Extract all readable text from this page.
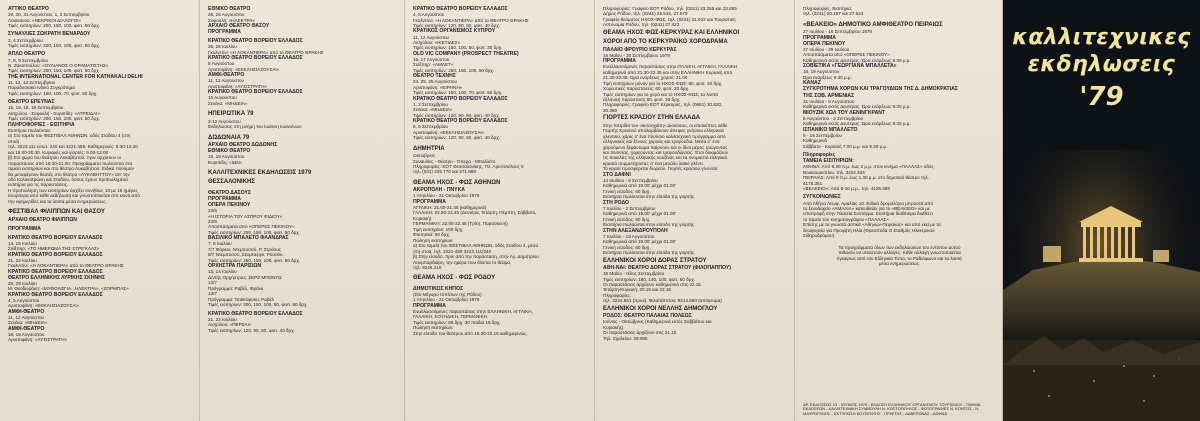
ΑΤΤΙΚΟ ΘΕΑΤΡΟ
29, 30, 31 Αυγούστου, 1, 2 Σεπτεμβρίου
Λουκιανού: «ΝΕΚΡΙΚΟΙ ΔΙΑΛΟΓΟΙ»
Τιμές εισιτηρίων: 200, 150, 100, φοιτ. 50 δρχ.
ΣΥΝΑΥΛΙΕΣ ΣΩΚΡΑΤΗ ΒΕΝΑΡΔΟΥ
3, 4 Σεπτεμβρίου
Τιμές εισιτηρίων: 200, 150, 100, φοιτ. 50 δρχ.
ΑΠΛΟ ΘΕΑΤΡΟ
7, 8, 9 Σεπτεμβρίου
Ν. Ζακοπούλου: «ΟΥΛΙΑΝΟΣ Ο ΟΡΑΜΑΤΙΣΤΗΣ»
Τιμές εισιτηρίων: 200, 150, 100, φοιτ. 50 δρχ.
THE INTERNATIONAL CENTER FOR KATHAKALI DELHI
11, 12, 13 Σεπτεμβρίου
Παραδοσιακό Ινδικό Συγκρότημα
Τιμές εισιτηρίων: 150, 100, 70, φοιτ. 50 δρχ.
ΘΕΑΤΡΟ ΕΡΕΥΝΑΣ
15, 16, 18, 19 Σεπτεμβρίου
Αισχύλου - Σοφοκλή - Ευριπίδη: «ΑΤΡΕΙΔΑΙ»
Τιμές εισιτηρίων: 200, 150, 100, φοιτ. 50 δρχ.
ΠΛΗΡΟΦΟΡΙΕΣ - ΕΙΣΙΤΗΡΙΑ
Εισιτήρια πωλούνται:
α) Στο ταμείο του ΦΕΣΤΙΒΑΛ ΑΘΗΝΩΝ, οδός Σταδίου 4 (στη
στοά)
τηλ. 3223.111 εσωτ. 240 και 3221.459. Καθημερινές: 8.30-13.30
και 18.00-20.30. Κυριακές και γιορτές: 9.00-12.00
β) Στο χώρο του θεάτρου Λυκαβηττού, πριν αρχίσουν οι
παραστάσεις από 18.30-21.00. Προγράμματα πωλούνται στα
ταμεία εισιτηρίων και στο θέατρο Λυκαβηττού. Ειδικά πούλμαν
θα μεταφέρουν θεατές στο θέατρο «ΛΥΚΑΒΗΤΤΟΥ» απ' την
οδό Κολοκοτρώνη και Σταδίου, όσους έχουν προπωλημένα
εισιτήρια για τις παραστάσεις.
Η προπώληση των εισιτηρίων άρχίζει συνήθως 10 με 15 ημέρες
ένωρίτερα από κάθε εκδήλωση και γνωστοποιείται στο κοινό από
την εφημερίδες και τα λοιπά μέσα ενημερώσεως.
ΦΕΣΤΙΒΑΛ ΦΙΛΙΠΠΩΝ ΚΑΙ ΘΑΣΟΥ
ΑΡΧΑΙΟ ΘΕΑΤΡΟ ΦΙΛΙΠΠΩΝ
ΠΡΟΓΡΑΜΜΑ
ΚΡΑΤΙΚΟ ΘΕΑΤΡΟ ΒΟΡΕΙΟΥ ΕΛΛΑΔΟΣ
14, 15 Ιουλίου
Σαίξπηρ: «ΤΟ ΗΜΕΡΩΜΑ ΤΗΣ ΣΤΡΙΓΚΛΑΣ»
ΚΡΑΤΙΚΟ ΘΕΑΤΡΟ ΒΟΡΕΙΟΥ ΕΛΛΑΔΟΣ
21, 22 Ιουλίου
Γκολντόνι: «Η ΛΟΚΑΝΤΙΕΡΑ» από το ΘΕΑΤΡΟ ΘΡΑΚΗΣ
ΚΡΑΤΙΚΟ ΘΕΑΤΡΟ ΒΟΡΕΙΟΥ ΕΛΛΑΔΟΣ
ΘΕΑΤΡΟ ΕΛΛΗΝΙΚΗΣ ΛΥΡΙΚΗΣ ΣΚΗΝΗΣ
28, 29 Ιουλίου
Μ. Θεοδωράκη: «ΜΥΘΟΛΟΓΙΑ...ΗΛΕΚΤΡΑ», «ΖΟΡΜΠΑΣ»
ΚΡΑΤΙΚΟ ΘΕΑΤΡΟ ΒΟΡΕΙΟΥ ΕΛΛΑΔΟΣ
4, 5 Αυγούστου
Αριστοφάνη: «ΕΚΚΛΗΣΙΑΖΟΥΣΑΙ»
ΑΜΦΙ-ΘΕΑΤΡΟ
11, 12 Αυγούστου
Σενέκα: «ΜΗΔΕΙΑ»
ΑΜΦΙ-ΘΕΑΤΡΟ
18, 19 Αυγούστου
Αριστοφάνη: «ΛΥΣΙΣΤΡΑΤΗ»
ΕΘΝΙΚΟ ΘΕΑΤΡΟ
25, 26 Αυγούστου
Σοφοκλή: «ΗΛΕΚΤΡΑ»
ΑΡΧΑΙΟ ΘΕΑΤΡΟ ΘΑΣΟΥ
ΠΡΟΓΡΑΜΜΑ
ΚΡΑΤΙΚΟ ΘΕΑΤΡΟ ΒΟΡΕΙΟΥ ΕΛΛΑΔΟΣ
25, 26 Ιουλίου
Γκολντόνι: «Η ΛΟΚΑΝΤΙΕΡΑ» από το ΘΕΑΤΡΟ ΘΡΑΚΗΣ
ΚΡΑΤΙΚΟ ΘΕΑΤΡΟ ΒΟΡΕΙΟΥ ΕΛΛΑΔΟΣ
8 Αυγούστου
Αριστοφάνη: «ΕΚΚΛΗΣΙΑΖΟΥΣΑΙ»
ΑΜΦΙ-ΘΕΑΤΡΟ
11, 12 Αυγούστου
Αριστοφάνη: «ΛΥΣΙΣΤΡΑΤΗ»
ΚΡΑΤΙΚΟ ΘΕΑΤΡΟ ΒΟΡΕΙΟΥ ΕΛΛΑΔΟΣ
15 Αυγούστου
Σενέκα: «ΜΗΔΕΙΑ»
ΗΠΕΙΡΩΤΙΚΑ 79
2-12 Αυγούστου
Εκδηλώσεις στη μνήμη του Ιωάννη Ιωαννίνων
ΔΩΔΩΝΑΙΑ 79
ΑΡΧΑΙΟ ΘΕΑΤΡΟ ΔΩΔΩΝΗΣ
ΕΘΝΙΚΟ ΘΕΑΤΡΟ
18, 19 Αυγούστου
Ευριπίδη: «ΙΩΝ»
ΚΑΛΛΙΤΕΧΝΙΚΕΣ ΕΚΔΗΛΩΣΕΙΣ 1979
ΘΕΣΣΑΛΟΝΙΚΗΣ
ΘΕΑΤΡΟ ΔΑΣΟΥΣ
ΠΡΟΓΡΑΜΜΑ
ΟΠΕΡΑ ΠΕΚΙΝΟΥ
23/6
«Η ΙΣΤΟΡΙΑ ΤΟΥ ΑΣΠΡΟΥ ΦΙΔΙΟΥ»
24/6
Αποσπάσματα από «ΟΠΕΡΕΣ ΠΕΚΙΝΟΥ»
Τιμές εισιτηρίων: 250, 150, 100, φοιτ. 50 δρχ.
ΒΑΣΙΛΙΚΟ ΜΠΑΛΕΤΟ ΦΛΑΝΔΡΑΣ
7, 8 Ιουλίου
7/7 Φόρκιν, Ντεμπυσσύ, Ρ. Στράους
8/7 Ντεμπυσσύ, Σένμπεργκ, Ροσσίνι.
Τιμές εισιτηρίων: 250, 150, 100, φοιτ. 50 δρχ.
ΟΡΧΗΣΤΡΑ ΠΑΡΙΣΙΩΝ
13, 14 Ιουλίου
Δ/ντής Ορχήστρας: ΣΕΡΖ ΜΠΟΝΤΩ
13/7
Πρόγραμμα: Ραβέλ, Φράνκ.
14/7
Πρόγραμμα: Τσαϊκόφσκυ, Ραβέλ
Τιμές εισιτηρίων: 200, 150, 100, 50, φοιτ. 50 δρχ.
ΚΡΑΤΙΚΟ ΘΕΑΤΡΟ ΒΟΡΕΙΟΥ ΕΛΛΑΔΟΣ
21, 22 Ιουλίου
Αισχύλου: «ΠΕΡΣΑΙ»
Τιμές εισιτηρίων: 120, 90, 60, φοιτ. 40 δρχ.
ΚΡΑΤΙΚΟ ΘΕΑΤΡΟ ΒΟΡΕΙΟΥ ΕΛΛΑΔΟΣ
4, 5 Αυγούστου
Γκολντόνι: «Η ΛΟΚΑΝΤΙΕΡΑ» από το ΘΕΑΤΡΟ ΘΡΑΚΗΣ
Τιμές εισιτηρίων: 120, 90, 60, φοιτ. 40 δρχ.
ΚΡΑΤΙΚΟΣ ΟΡΓΑΝΙΣΜΟΣ ΚΥΠΡΟΥ
11, 12 Αυγούστου
Αισχύλου: «ΙΚΕΤΙΔΕΣ»
Τιμές εισιτηρίων: 150, 100, 50, φοιτ. 30 δρχ.
OLD VIC COMPANY (PROSPECT THEATRE)
16, 17 Αυγούστου
Σαίξπηρ: «ΑΜΛΕΤ»
Τιμές εισιτηρίων: 250, 150, 100, 50 δρχ.
ΘΕΑΤΡΟ ΤΕΧΝΗΣ
24, 25, 26 Αυγούστου
Αριστοφάνη: «ΕΙΡΗΝΗ»
Τιμές εισιτηρίων: 150, 100, 70, φοιτ. 50 δρχ.
ΚΡΑΤΙΚΟ ΘΕΑΤΡΟ ΒΟΡΕΙΟΥ ΕΛΛΑΔΟΣ
1, 2 Σεπτεμβρίου
Σενέκα: «ΜΗΔΕΙΑ»
Τιμές εισιτηρίων: 120, 90, 60, φοιτ. 40 δρχ.
ΚΡΑΤΙΚΟ ΘΕΑΤΡΟ ΒΟΡΕΙΟΥ ΕΛΛΑΔΟΣ
8, 9 Σεπτεμβρίου
Αριστοφάνη: «ΕΚΚΛΗΣΙΑΖΟΥΣΑΙ»
Τιμές εισιτηρίων: 120, 90, 60, φοιτ. 40 δρχ.
ΔΗΜΗΤΡΙΑ
Οκτώβριος
Συναυλίες - Θέατρο - Όπερα - Μπαλλέτο
Πληροφορίες: ΕΟΤ Θεσσαλονίκης, Πλ. Αριστοτέλους 8
τηλ. (031) 225.770 και 271.888
ΘΕΑΜΑ ΗΧΟΣ - ΦΩΣ ΑΘΗΝΩΝ
ΑΚΡΟΠΟΛΗ - ΠΝΥΚΑ
1 Απριλίου - 31 Οκτωβρίου 1979
ΠΡΟΓΡΑΜΜΑ
ΑΓΓΛΙΚΗ: 21.00-21.45 (καθημερινά)
ΓΑΛΛΙΚΗ: 22.00-22.45 (Δευτέρα, Τετάρτη, Πέμπτη, Σάββατο,
Κυριακή)
ΓΕΡΜΑΝΙΚΗ: 22.00-22.45 (Τρίτη, Παρασκευή)
Τιμή εισιτηρίου: 100 δρχ.
Φοιτητικό: 50 δρχ.
Πώληση εισιτηρίων:
α) Στο ταμείο του ΦΕΣΤΙΒΑΛ ΑΘΗΝΩΝ, οδός Σταδίου 4, μέσα
στη στοά, τηλ. 3221-459 3223.111/240
β) Στην είσοδο, πριν από την παράσταση, στην Αγ. Δημητρίου
Λουμπαρδιάρη, την ημέρα που δίνεται το θέαμα,
τηλ. 9226.210
ΘΕΑΜΑ ΗΧΟΣ - ΦΩΣ ΡΟΔΟΥ
ΔΗΜΟΤΙΚΟΣ ΚΗΠΟΣ
(Στο Μέγαρο Ιππότων της Ρόδου)
1 Απριλίου - 31 Οκτωβρίου 1979
ΠΡΟΓΡΑΜΜΑ
Εναλλασσόμενες παραστάσεις στην ΕΛΛΗΝΙΚΗ, ΑΓΓΛΙΚΗ,
ΓΑΛΛΙΚΗ, ΣΟΥΗΔΙΚΗ, ΓΕΡΜΑΝΙΚΗ
Τιμές εισιτηρίων: 60 δρχ. 30 παιδιά 15 δρχ.
Πώληση εισιτηρίων:
Στην είσοδο του θεάτρου από 19.30-22.15 καθημερινώς.
Πληροφορίες: Γραφείο ΕΟΤ Ρόδου, τηλ. (0241) 23.255 και 23.655
Δήμος Ρόδου, τηλ. (0241) 25.515, 27.679
Γραφείο θεάματος ΗΧΟΣ-ΦΩΣ, τηλ. (0241) 21.922 και Τουριστική
Αστυνομία Ρόδου, τηλ. (0241) 27.423
ΘΕΑΜΑ ΗΧΟΣ ΦΩΣ-ΚΕΡΚΥΡΑΣ ΚΑΙ ΕΛΛΗΝΙΚΟΙ
ΧΟΡΟΙ ΑΠΟ ΤΟ ΚΕΡΚΥΡΑΪΚΟ ΧΟΡΟΔΡΑΜΑ
ΠΑΛΑΙΟ ΦΡΟΥΡΙΟ ΚΕΡΚΥΡΑΣ
15 Μαΐου - 30 Σεπτεμβρίου 1979
ΠΡΟΓΡΑΜΜΑ
Εναλλασσόμενες παραστάσεις στην ΙΤΑΛΙΚΗ, ΑΓΓΛΙΚΗ, ΓΑΛΛΙΚΗ
καθημερινά από 21.30-22.45 και στην ΕΛΛΗΝΙΚΗ Κυριακή από
21.30-22.45. Ώρα ενάρξεως χορού: 21.00
Τιμή εισιτηρίων μόνον για το ΗΧΟΣ-ΦΩΣ: 80, φοιτ. 40 δρχ.
Χορευτικές παραστάσεις: 60, φοιτ. 20 δρχ.
Τιμές εισιτηρίων για το χορό και το ΗΧΟΣ-ΦΩΣ, τα λοιπά
ελληνική παράσταση 60, φοιτ. 30 δρχ.
Πληροφορίες: Γραφείο ΕΟΤ Κέρκυρας, τηλ. (0661) 30.520,
30.360
ΓΙΟΡΤΕΣ ΚΡΑΣΙΟΥ ΣΤΗΝ ΕΛΛΑΔΑ
Στην πατρίδα του «κισσοχαίτη» Διονύσου, οι επισκέπτες κάθε
Γιορτής Κρασιού απολαμβάνουν άπειρες γνήσιου ελληνικού
γλεντιού, χάρις σ' ένα πλούσιο καλλιτεχνικό πρόγραμμα από
ελληνικούς και ξένους χορούς και τραγούδια. Μέσα σ' ένα
χαρούμενο ξεφάντωμα παίρνουν και οι ίδιοι μέρος τρώγοντας
και πίνοντας, χορεύοντας και τραγουδώντας. Έτσι δοκιμάζουν
τις ποικιλίες της ελληνικής κουζίνας και τα ονομαστά ελληνικά
κρασιά συμμετέχοντας σ' ένα μεγάλο λαϊκό γλέντι.
Το κρασί προσφέρεται δωρεάν. Γιορτές κρασιού γίνονται:
ΣΤΟ ΔΑΦΝΙ
14 Ιουλίου - 5 Σεπτεμβρίου
Καθημερινά από 19.00' μέχρι 01.00'
Γενική είσοδος: 60 δρχ.
Εισιτήρια πωλούνται στην είσοδο της γιορτής
ΣΤΗ ΡΟΔΟ
7 Ιουλίου - 2 Σεπτεμβρίου
Καθημερινά από 19.00' μέχρι 01.00'
Γενική είσοδος: 60 δρχ.
Εισιτήρια πωλούνται στην είσοδο της γιορτής
ΣΤΗΝ ΑΛΕΞΑΝΔΡΟΥΠΟΛΗ
7 Ιουλίου - 19 Αυγούστου
Καθημερινά από 19.00' μέχρι 01.00'
Γενική είσοδος: 60 δρχ.
Εισιτήρια πωλούνται στην είσοδο της γιορτής
ΕΛΛΗΝΙΚΟΙ ΧΟΡΟΙ ΔΟΡΑΣ ΣΤΡΑΤΟΥ
ΑΘΗ-ΝΑΙ: ΘΕΑΤΡΟ ΔΟΡΑΣ ΣΤΡΑΤΟΥ (ΦΙΛΟΠΑΠΠΟΥ)
15 Μαΐου - τέλος Σεπτεμβρίου
Τιμές εισιτηρίων: 180, 140, 100, φοιτ. 60 δρχ.
Οι παραστάσεις άρχίζουν καθημερινά στις 22.15
Τετάρτη-Κυριακή: 20.15 και 22.15
Πληροφορίες:
τηλ. 3224.861 (πρωί). Φιλοπάππου: 9214.650 (απόγευμα)
ΕΛΛΗΝΙΚΟΙ ΧΟΡΟΙ ΝΕΛΛΗΣ ΔΗΜΟΓΛΟΥ
ΡΟΔΟΣ: ΘΕΑΤΡΟ ΠΑΛΑΙΑΣ ΠΟΛΕΩΣ
Ιούνιος - Οκτώβριος (Καθημερινά εκτός Σαββάτου και
Κυριακής)
Οι παραστάσεις άρχίζουν στις 21.15
Τηλ. Σχολείου: 29.085
Πληροφορίες, Εισιτήρια:
τηλ. (0241) 20.157 και 27.524
«ΒΕΑΚΕΙΟ» ΔΗΜΟΤΙΚΟ ΑΜΦΙΘΕΑΤΡΟ ΠΕΙΡΑΙΩΣ
27 Ιουλίου - 16 Σεπτεμβρίου 1979
ΠΡΟΓΡΑΜΜΑ
ΟΠΕΡΑ ΠΕΚΙΝΟΥ
27 Ιουλίου - 29 Ιουλίου
Αποσπάσματα από «ΟΠΕΡΕΣ ΠΕΚΙΝΟΥ»
Καθημερινά εκτός Δευτέρας. Ώρα ενάρξεως 9.30 μ.μ.
ΣΟΒΙΕΤΙΚΑ «ΓΕΩΡΓΙΑΝΑ ΜΠΑΛΛΕΤΑ»
18, 19 Αυγούστου
Ώρα ενάρξεως 9.30 μ.μ.
ΚΑΝΑΖ
ΣΥΓΚΡΟΤΗΜΑ ΧΟΡΩΝ ΚΑΙ ΤΡΑΓΟΥΔΙΩΝ ΤΗΣ Δ. ΔΗΜΟΚΡΑΤΙΑΣ
ΤΗΣ ΣΟΒ. ΑΡΜΕΝΙΑΣ
31 Ιουλίου - 5 Αυγούστου
Καθημερινά εκτός Δευτέρας. Ώρα ενάρξεως 9.30 μ.μ.
ΜΙΟΥΖΙΚ ΧΩΛ ΤΟΥ ΛΕΝΙΝΓΚΡΑΝΤ
8 Αυγούστου - 2 Σεπτεμβρίου
Καθημερινά εκτός Δευτέρας. Ώρα ενάρξεως 9.30 μ.μ.
ΙΣΠΑΝΙΚΟ ΜΠΑΛΛΕΤΟ
5 - 16 Σεπτεμβρίου
Καθημερινά
Σάββατο - Κυριακή 7.00 μ.μ. και 9.30 μ.μ.
Πληροφορίες
ΤΑΜΕΙΑ ΕΙΣΙΤΗΡΙΩΝ:
ΑΘΗΝΑ: Από 9.30 π.μ. έως 2 μ.μ. στον κινηµα «ΠΑΛΛΑΣ» οδός
Βουκουρεστίου. τηλ. 3224.434
ΠΕΙΡΑΙΑΣ: Από 9 π.μ. έως 1.30 μ.μ. στο δημοτικό θέατρο τηλ.
4178.351
«ΒΕΑΚΕΙΟ»: Από 6-10 μ.μ., τηλ. 4125.498
ΣΥΓΚΟΙΝΩΝΙΕΣ
Από Αθήνα Λεωφ. Αμαλίας 10. Ειδικά δρομολόγια μπροστά από
το ξενοδοχείο «ΑΜΑΛΙΑ» κατευθείαν για το «ΒΕΑΚΕΙΟ» και με
επιστροφή στην Πλατεία Συντάγµα. Εισιτήρια διαθέσιμα διαθέτει
το ταμείο του κινηματογράφου «ΠΑΛΛΑΣ»
Επίσης με τα γνωστά αστικά «Αθηνών-Πειραιώς» και από εκεί με τα
λεωφορεία για Προφήτη Ηλία (Φρεαττύδα Ο Σταθμός Ηλεκτρικού
Σιδηροδρόμου).
Τα προγράμματα όλων των εκδηλώσεων του εντύπου αυτού
πιθανόν να υποστούν αλλαγές. Κάθε αλλαγή γνωστοποιείται
έγκαιρως από τον Ελληνικό Τύπο, το Ραδιόφωνο και τα λοιπά
μέσα ενημερώσεως.
ΑΡ. ΕΚΔΟΣΕΩΣ 13 - ΙΟΥΝΙΟΣ 1979 - ΕΚΔΟΣΗ ΕΛΛΗΝΙΚΟΥ ΟΡΓΑΝΙΣΜΟΥ ΤΟΥΡΙΣΜΟΥ - ΤΜΗΜΑ ΕΚΔΟΣΕΩΝ - ΚΑΛΛΙΤΕΧΝΙΚΗ ΣΥΜΒΟΥΛΗ Ν. ΚΩΣΤΟΠΟΥΛΟΣ - ΦΩΤΟΓΡΑΦΙΕΣ Ν. ΚΟΝΤΟΣ - Ν. ΜΑΥΡΟΓΕΝΗΣ - ΕΚΤΥΠΩΣΗ ΚΟΥΣΕΝΤΗΣ - ΠΡΙΦΤΗΣ - ΔΑΒΕΡΩΝΑΣ - ΑΘΗΝΑ
καλλιτεχνικες
εκδηλωσεις
'79
